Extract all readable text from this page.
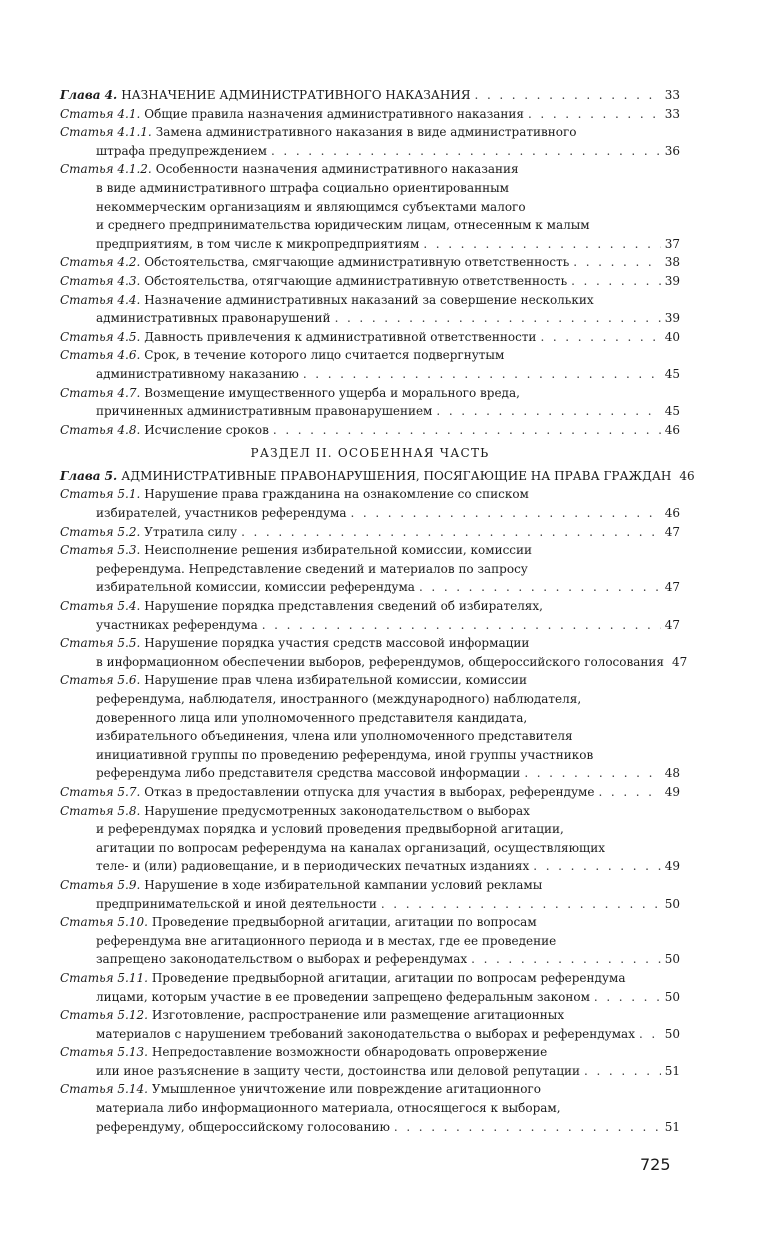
Глава 4. НАЗНАЧЕНИЕ АДМИНИСТРАТИВНОГО НАКАЗАНИЯ . . .	33
Статья 4.1. Общие правила назначения административного наказания . . .	33
Статья 4.1.1. Замена административного наказания в виде административного
штрафа предупреждением . . .	36
Статья 4.1.2. Особенности назначения административного наказания
в виде административного штрафа социально ориентированным
некоммерческим организациям и являющимся субъектами малого
и среднего предпринимательства юридическим лицам, отнесенным к малым
предприятиям, в том числе к микропредприятиям . . .	37
Статья 4.2. Обстоятельства, смягчающие административную ответственность . . .	38
Статья 4.3. Обстоятельства, отягчающие административную ответственность . . .	39
Статья 4.4. Назначение административных наказаний за совершение нескольких
административных правонарушений . . .	39
Статья 4.5. Давность привлечения к административной ответственности . . .	40
Статья 4.6. Срок, в течение которого лицо считается подвергнутым
административному наказанию . . .	45
Статья 4.7. Возмещение имущественного ущерба и морального вреда,
причиненных административным правонарушением . . .	45
Статья 4.8. Исчисление сроков . . .	46
РАЗДЕЛ II. ОСОБЕННАЯ ЧАСТЬ
Глава 5. АДМИНИСТРАТИВНЫЕ ПРАВОНАРУШЕНИЯ, ПОСЯГАЮЩИЕ НА ПРАВА ГРАЖДАН 46
Статья 5.1. Нарушение права гражданина на ознакомление со списком
избирателей, участников референдума . . .	46
Статья 5.2. Утратила силу . . .	47
Статья 5.3. Неисполнение решения избирательной комиссии, комиссии
референдума. Непредставление сведений и материалов по запросу
избирательной комиссии, комиссии референдума . . .	47
Статья 5.4. Нарушение порядка представления сведений об избирателях,
участниках референдума . . .	47
Статья 5.5. Нарушение порядка участия средств массовой информации
в информационном обеспечении выборов, референдумов, общероссийского голосования 47
Статья 5.6. Нарушение прав члена избирательной комиссии, комиссии
референдума, наблюдателя, иностранного (международного) наблюдателя,
доверенного лица или уполномоченного представителя кандидата,
избирательного объединения, члена или уполномоченного представителя
инициативной группы по проведению референдума, иной группы участников
референдума либо представителя средства массовой информации . . .	48
Статья 5.7. Отказ в предоставлении отпуска для участия в выборах, референдуме . . .	49
Статья 5.8. Нарушение предусмотренных законодательством о выборах
и референдумах порядка и условий проведения предвыборной агитации,
агитации по вопросам референдума на каналах организаций, осуществляющих
теле- и (или) радиовещание, и в периодических печатных изданиях . . .	49
Статья 5.9. Нарушение в ходе избирательной кампании условий рекламы
предпринимательской и иной деятельности . . .	50
Статья 5.10. Проведение предвыборной агитации, агитации по вопросам
референдума вне агитационного периода и в местах, где ее проведение
запрещено законодательством о выборах и референдумах . . .	50
Статья 5.11. Проведение предвыборной агитации, агитации по вопросам референдума
лицами, которым участие в ее проведении запрещено федеральным законом . . .	50
Статья 5.12. Изготовление, распространение или размещение агитационных
материалов с нарушением требований законодательства о выборах и референдумах . . . 50
Статья 5.13. Непредоставление возможности обнародовать опровержение
или иное разъяснение в защиту чести, достоинства или деловой репутации . . .	51
Статья 5.14. Умышленное уничтожение или повреждение агитационного
материала либо информационного материала, относящегося к выборам,
референдуму, общероссийскому голосованию . . .	51
725
